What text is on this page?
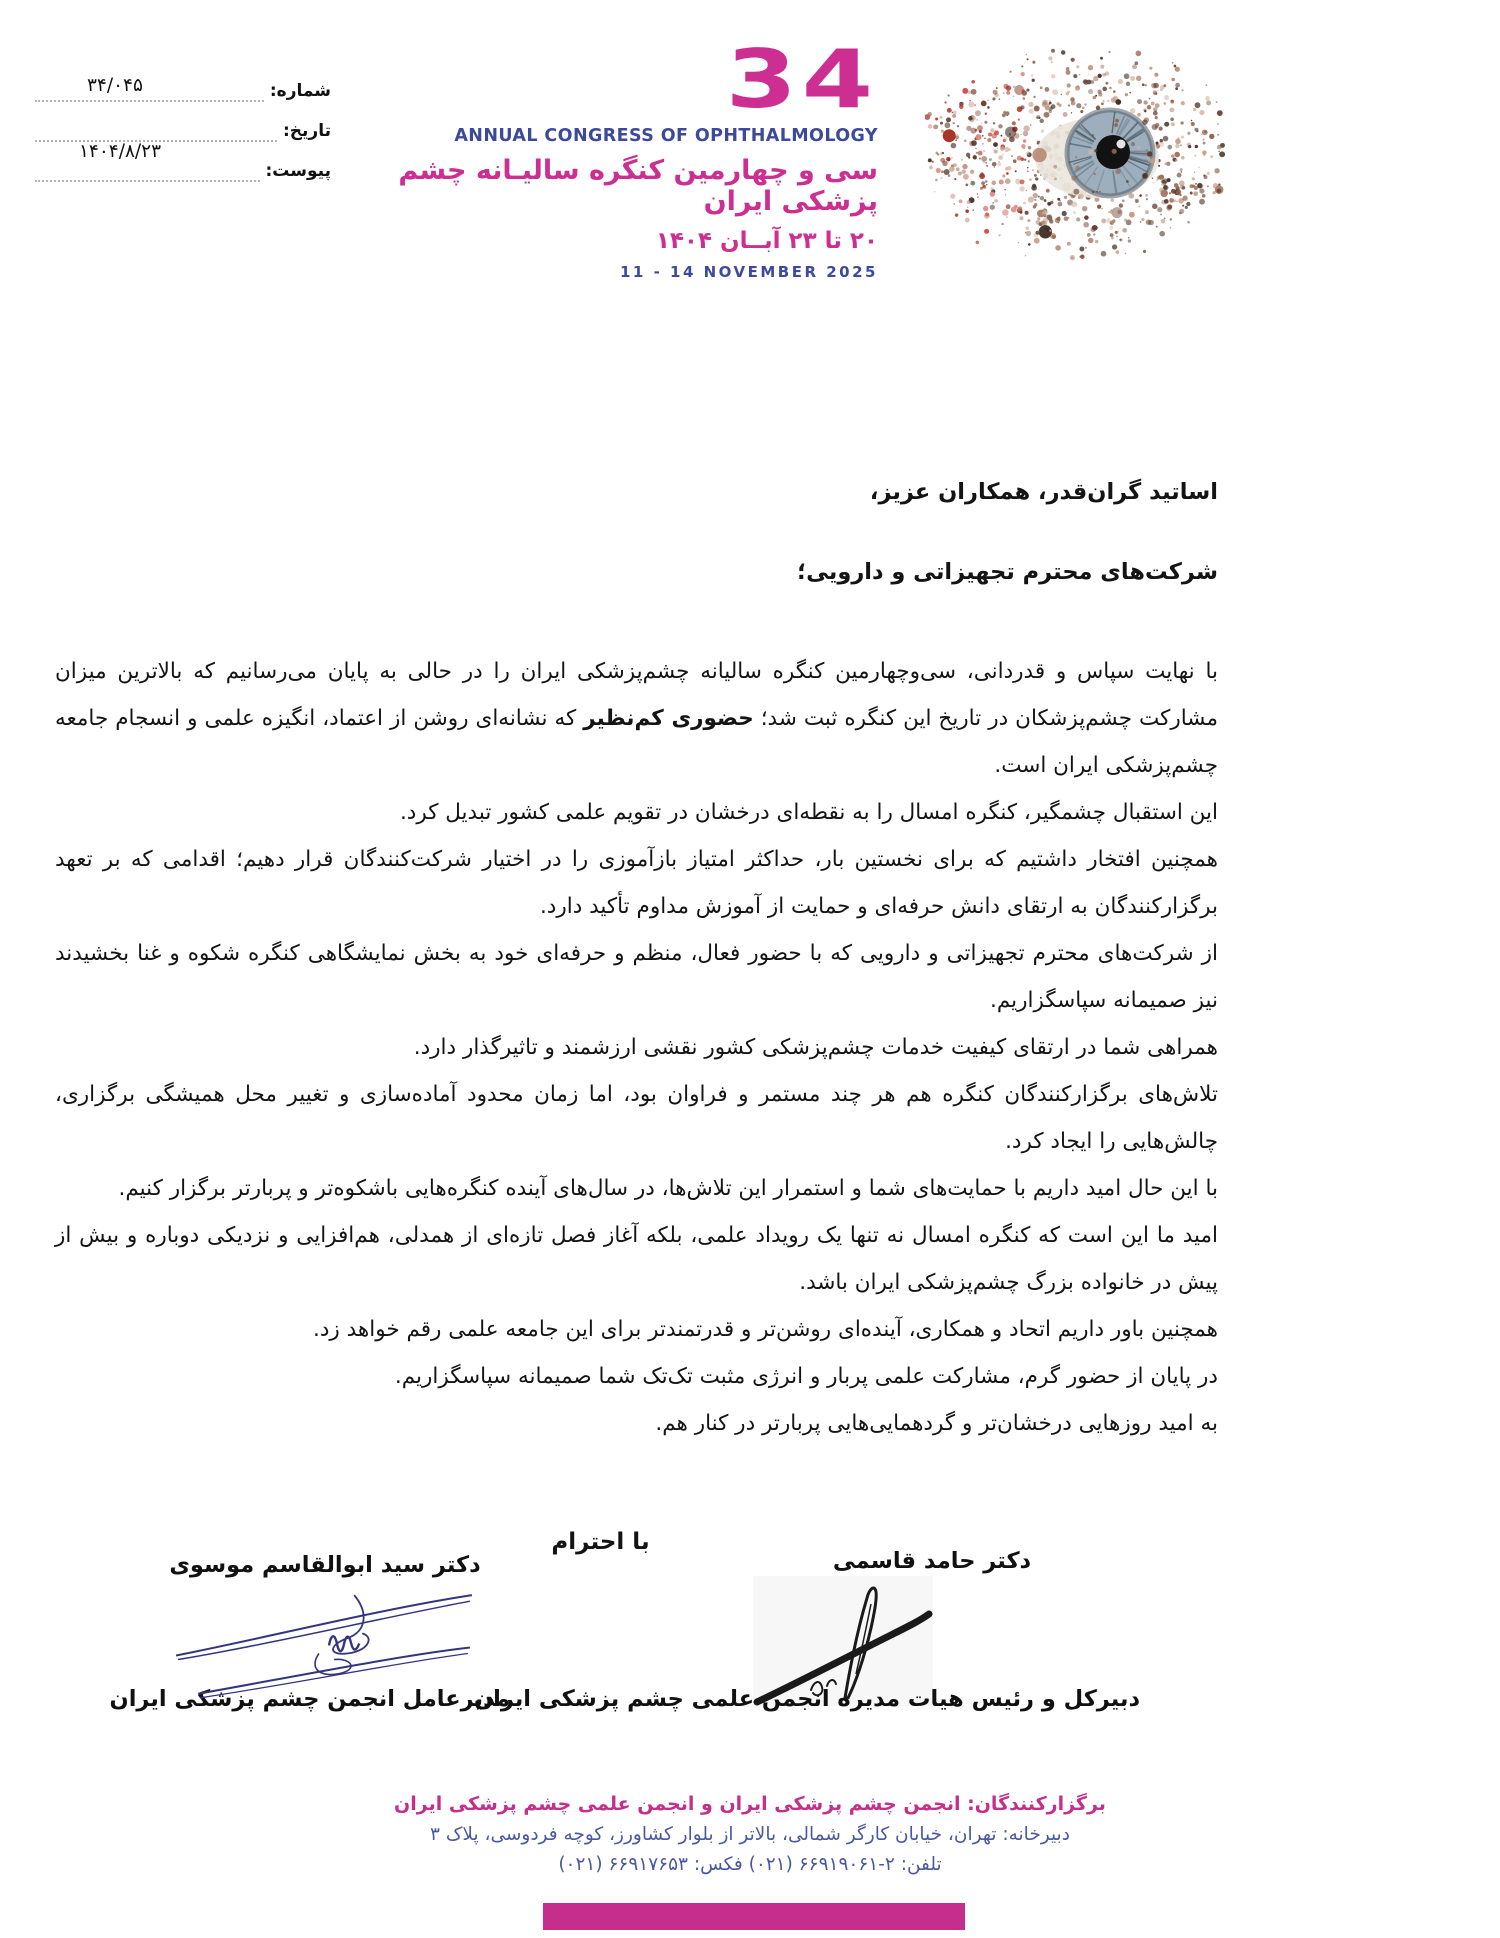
شماره:
۳۴/۰۴۵
تاریخ:
۱۴۰۴/۸/۲۳
پیوست:
34
ANNUAL CONGRESS OF OPHTHALMOLOGY
سی و چهارمین کنگره سالیـانه چشم پزشکی ایران
۲۰ تا ۲۳ آبــان ۱۴۰۴
11 - 14 NOVEMBER 2025

اساتید گران‌قدر، همکاران عزیز،

شرکت‌های محترم تجهیزاتی و دارویی؛

با نهایت سپاس و قدردانی، سی‌وچهارمین کنگره سالیانه چشم‌پزشکی ایران را در حالی به پایان می‌رسانیم که بالاترین میزان مشارکت چشم‌پزشکان در تاریخ این کنگره ثبت شد؛ حضوری کم‌نظیر که نشانه‌ای روشن از اعتماد، انگیزه علمی و انسجام جامعه چشم‌پزشکی ایران است.

این استقبال چشمگیر، کنگره امسال را به نقطه‌ای درخشان در تقویم علمی کشور تبدیل کرد.

همچنین افتخار داشتیم که برای نخستین بار، حداکثر امتیاز بازآموزی را در اختیار شرکت‌کنندگان قرار دهیم؛ اقدامی که بر تعهد برگزارکنندگان به ارتقای دانش حرفه‌ای و حمایت از آموزش مداوم تأکید دارد.

از شرکت‌های محترم تجهیزاتی و دارویی که با حضور فعال، منظم و حرفه‌ای خود به بخش نمایشگاهی کنگره شکوه و غنا بخشیدند نیز صمیمانه سپاسگزاریم.

همراهی شما در ارتقای کیفیت خدمات چشم‌پزشکی کشور نقشی ارزشمند و تاثیرگذار دارد.

تلاش‌های برگزارکنندگان کنگره هم هر چند مستمر و فراوان بود، اما زمان محدود آماده‌سازی و تغییر محل همیشگی برگزاری، چالش‌هایی را ایجاد کرد.

با این حال امید داریم با حمایت‌های شما و استمرار این تلاش‌ها، در سال‌های آینده کنگره‌هایی باشکوه‌تر و پربارتر برگزار کنیم.

امید ما این است که کنگره امسال نه تنها یک رویداد علمی، بلکه آغاز فصل تازه‌ای از همدلی، هم‌افزایی و نزدیکی دوباره و بیش از پیش در خانواده بزرگ چشم‌پزشکی ایران باشد.

همچنین باور داریم اتحاد و همکاری، آینده‌ای روشن‌تر و قدرتمندتر برای این جامعه علمی رقم خواهد زد.

در پایان از حضور گرم، مشارکت علمی پربار و انرژی مثبت تک‌تک شما صمیمانه سپاسگزاریم.

به امید روزهایی درخشان‌تر و گردهمایی‌هایی پربارتر در کنار هم.

با احترام
دکتر حامد قاسمی
دبیرکل و رئیس هیات مدیره انجمن علمی چشم پزشکی ایران
دکتر سید ابوالقاسم موسوی
مدیرعامل انجمن چشم پزشکی ایران
برگزارکنندگان: انجمن چشم پزشکی ایران و انجمن علمی چشم پزشکی ایران
دبیرخانه: تهران، خیابان کارگر شمالی، بالاتر از بلوار کشاورز، کوچه فردوسی، پلاک ۳
تلفن: ۲-۶۶۹۱۹۰۶۱ (۰۲۱) فکس: ۶۶۹۱۷۶۵۳ (۰۲۱)
